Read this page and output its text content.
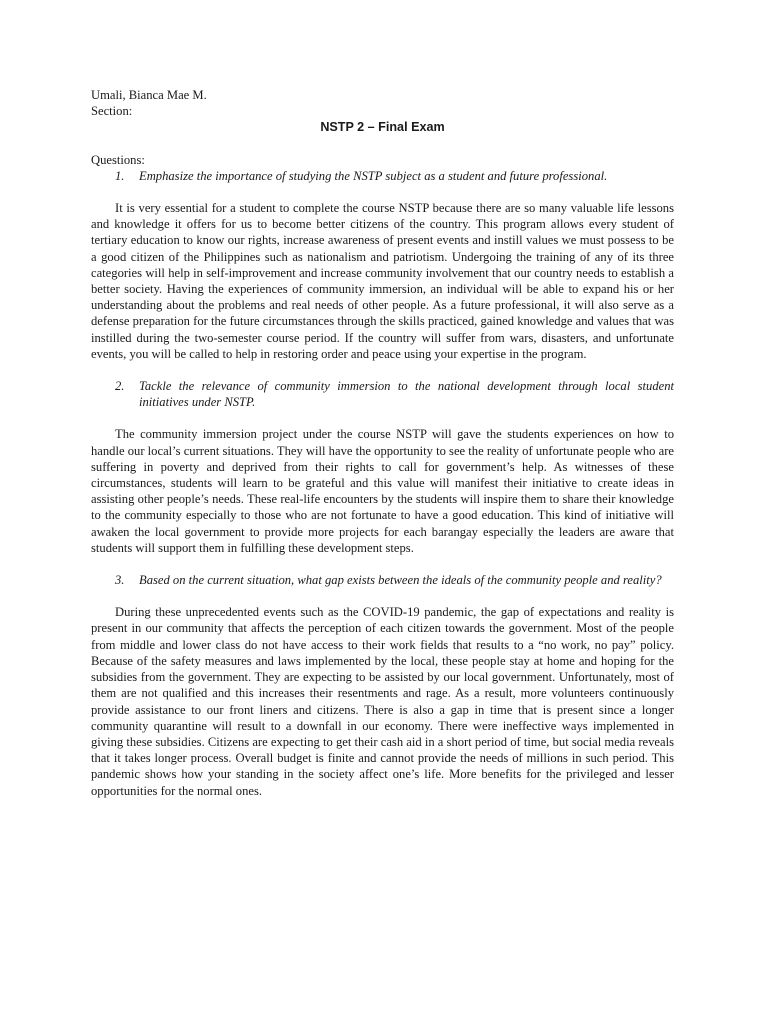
Umali, Bianca Mae M.

Section:

NSTP 2 – Final Exam

Questions:

1.	Emphasize the importance of studying the NSTP subject as a student and future professional.

It is very essential for a student to complete the course NSTP because there are so many valuable life lessons and knowledge it offers for us to become better citizens of the country. This program allows every student of tertiary education to know our rights, increase awareness of present events and instill values we must possess to be a good citizen of the Philippines such as nationalism and patriotism. Undergoing the training of any of its three categories will help in self-improvement and increase community involvement that our country needs to establish a better society. Having the experiences of community immersion, an individual will be able to expand his or her understanding about the problems and real needs of other people. As a future professional, it will also serve as a defense preparation for the future circumstances through the skills practiced, gained knowledge and values that was instilled during the two-semester course period. If the country will suffer from wars, disasters, and unfortunate events, you will be called to help in restoring order and peace using your expertise in the program.

2.	Tackle the relevance of community immersion to the national development through local student initiatives under NSTP.

The community immersion project under the course NSTP will gave the students experiences on how to handle our local’s current situations. They will have the opportunity to see the reality of unfortunate people who are suffering in poverty and deprived from their rights to call for government’s help. As witnesses of these circumstances, students will learn to be grateful and this value will manifest their initiative to create ideas in assisting other people’s needs. These real-life encounters by the students will inspire them to share their knowledge to the community especially to those who are not fortunate to have a good education. This kind of initiative will awaken the local government to provide more projects for each barangay especially the leaders are aware that students will support them in fulfilling these development steps.

3.	Based on the current situation, what gap exists between the ideals of the community people and reality?

During these unprecedented events such as the COVID-19 pandemic, the gap of expectations and reality is present in our community that affects the perception of each citizen towards the government. Most of the people from middle and lower class do not have access to their work fields that results to a “no work, no pay” policy. Because of the safety measures and laws implemented by the local, these people stay at home and hoping for the subsidies from the government. They are expecting to be assisted by our local government. Unfortunately, most of them are not qualified and this increases their resentments and rage. As a result, more volunteers continuously provide assistance to our front liners and citizens. There is also a gap in time that is present since a longer community quarantine will result to a downfall in our economy. There were ineffective ways implemented in giving these subsidies. Citizens are expecting to get their cash aid in a short period of time, but social media reveals that it takes longer process. Overall budget is finite and cannot provide the needs of millions in such period. This pandemic shows how your standing in the society affect one’s life. More benefits for the privileged and lesser opportunities for the normal ones.
